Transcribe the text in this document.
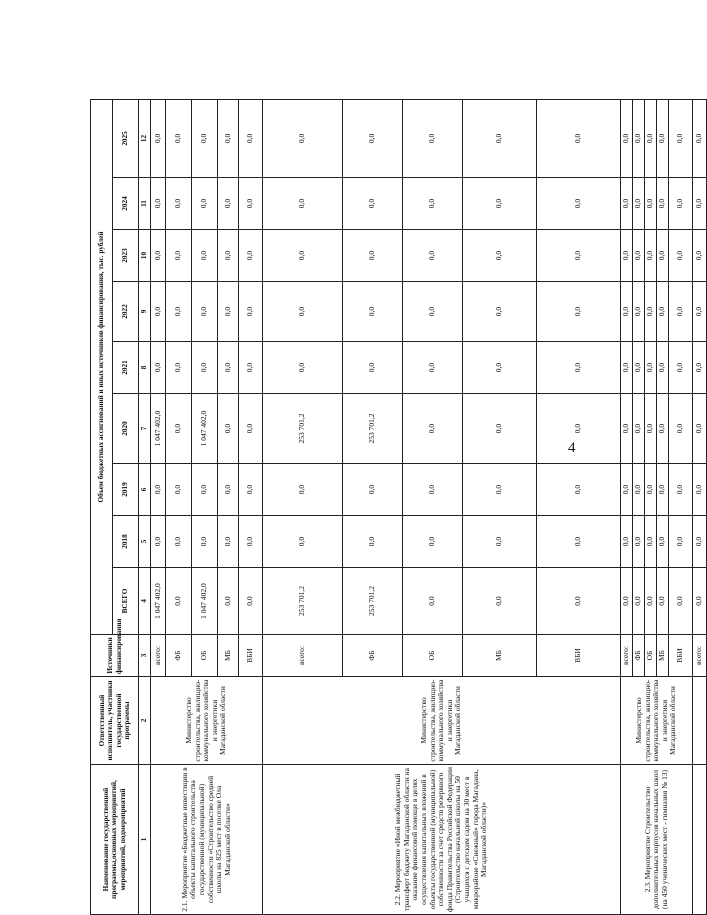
4
Наименование государственной программы,основных мероприятий, мероприятий, подмероприятий	Ответственный исполнитель, участники государственной программы	Источники финансирования	Объем бюджетных ассигнований и иных источников финансирования, тыс. рублей								
			ВСЕГО	2018	2019	2020	2021	2022	2023	2024	2025
1	2	3	4	5	6	7	8	9	10	11	12
2.1. Мероприятие «Бюджетные инвестиции в объекты капитального строительства государственной (муниципальной) собственности «Строительство средней школы на 825 мест в поселке Ола Магаданской области»	Министерство строительства, жилищно-коммунального хозяйства и энергетики Магаданской области	всего:	1 047 402,0	0,0	0,0	1 047 402,0	0,0	0,0	0,0	0,0	0,0
		ФБ	0,0	0,0	0,0	0,0	0,0	0,0	0,0	0,0	0,0
		ОБ	1 047 402,0	0,0	0,0	1 047 402,0	0,0	0,0	0,0	0,0	0,0
		МБ	0,0	0,0	0,0	0,0	0,0	0,0	0,0	0,0	0,0
		ВБИ	0,0	0,0	0,0	0,0	0,0	0,0	0,0	0,0	0,0
2.2. Мероприятие «Иной межбюджетный трансферт бюджету Магаданской области на оказание финансовой помощи в целях осуществления капитальных вложений в объекты государственной (муниципальной) собственности за счет средств резервного фонда Правительства Российской Федерации (Строительство начальной школы на 50 учащихся с детским садом на 30 мест в микрорайоне «Снежный» города Магадана, Магаданской области)»	Министерство строительства, жилищно-коммунального хозяйства и энергетики Магаданской области	всего:	253 701,2	0,0	0,0	253 701,2	0,0	0,0	0,0	0,0	0,0
		ФБ	253 701,2	0,0	0,0	253 701,2	0,0	0,0	0,0	0,0	0,0
		ОБ	0,0	0,0	0,0	0,0	0,0	0,0	0,0	0,0	0,0
		МБ	0,0	0,0	0,0	0,0	0,0	0,0	0,0	0,0	0,0
		ВБИ	0,0	0,0	0,0	0,0	0,0	0,0	0,0	0,0	0,0
2.3. Мероприятие Строительство дополнительных корпусов начальных школ (на 450 ученических мест - гимназия № 13)	Министерство строительства, жилищно-коммунального хозяйства и энергетики Магаданской области	всего:	0,0	0,0	0,0	0,0	0,0	0,0	0,0	0,0	0,0
		ФБ	0,0	0,0	0,0	0,0	0,0	0,0	0,0	0,0	0,0
		ОБ	0,0	0,0	0,0	0,0	0,0	0,0	0,0	0,0	0,0
		МБ	0,0	0,0	0,0	0,0	0,0	0,0	0,0	0,0	0,0
		ВБИ	0,0	0,0	0,0	0,0	0,0	0,0	0,0	0,0	0,0
		всего:	0,0	0,0	0,0	0,0	0,0	0,0	0,0	0,0	0,0
